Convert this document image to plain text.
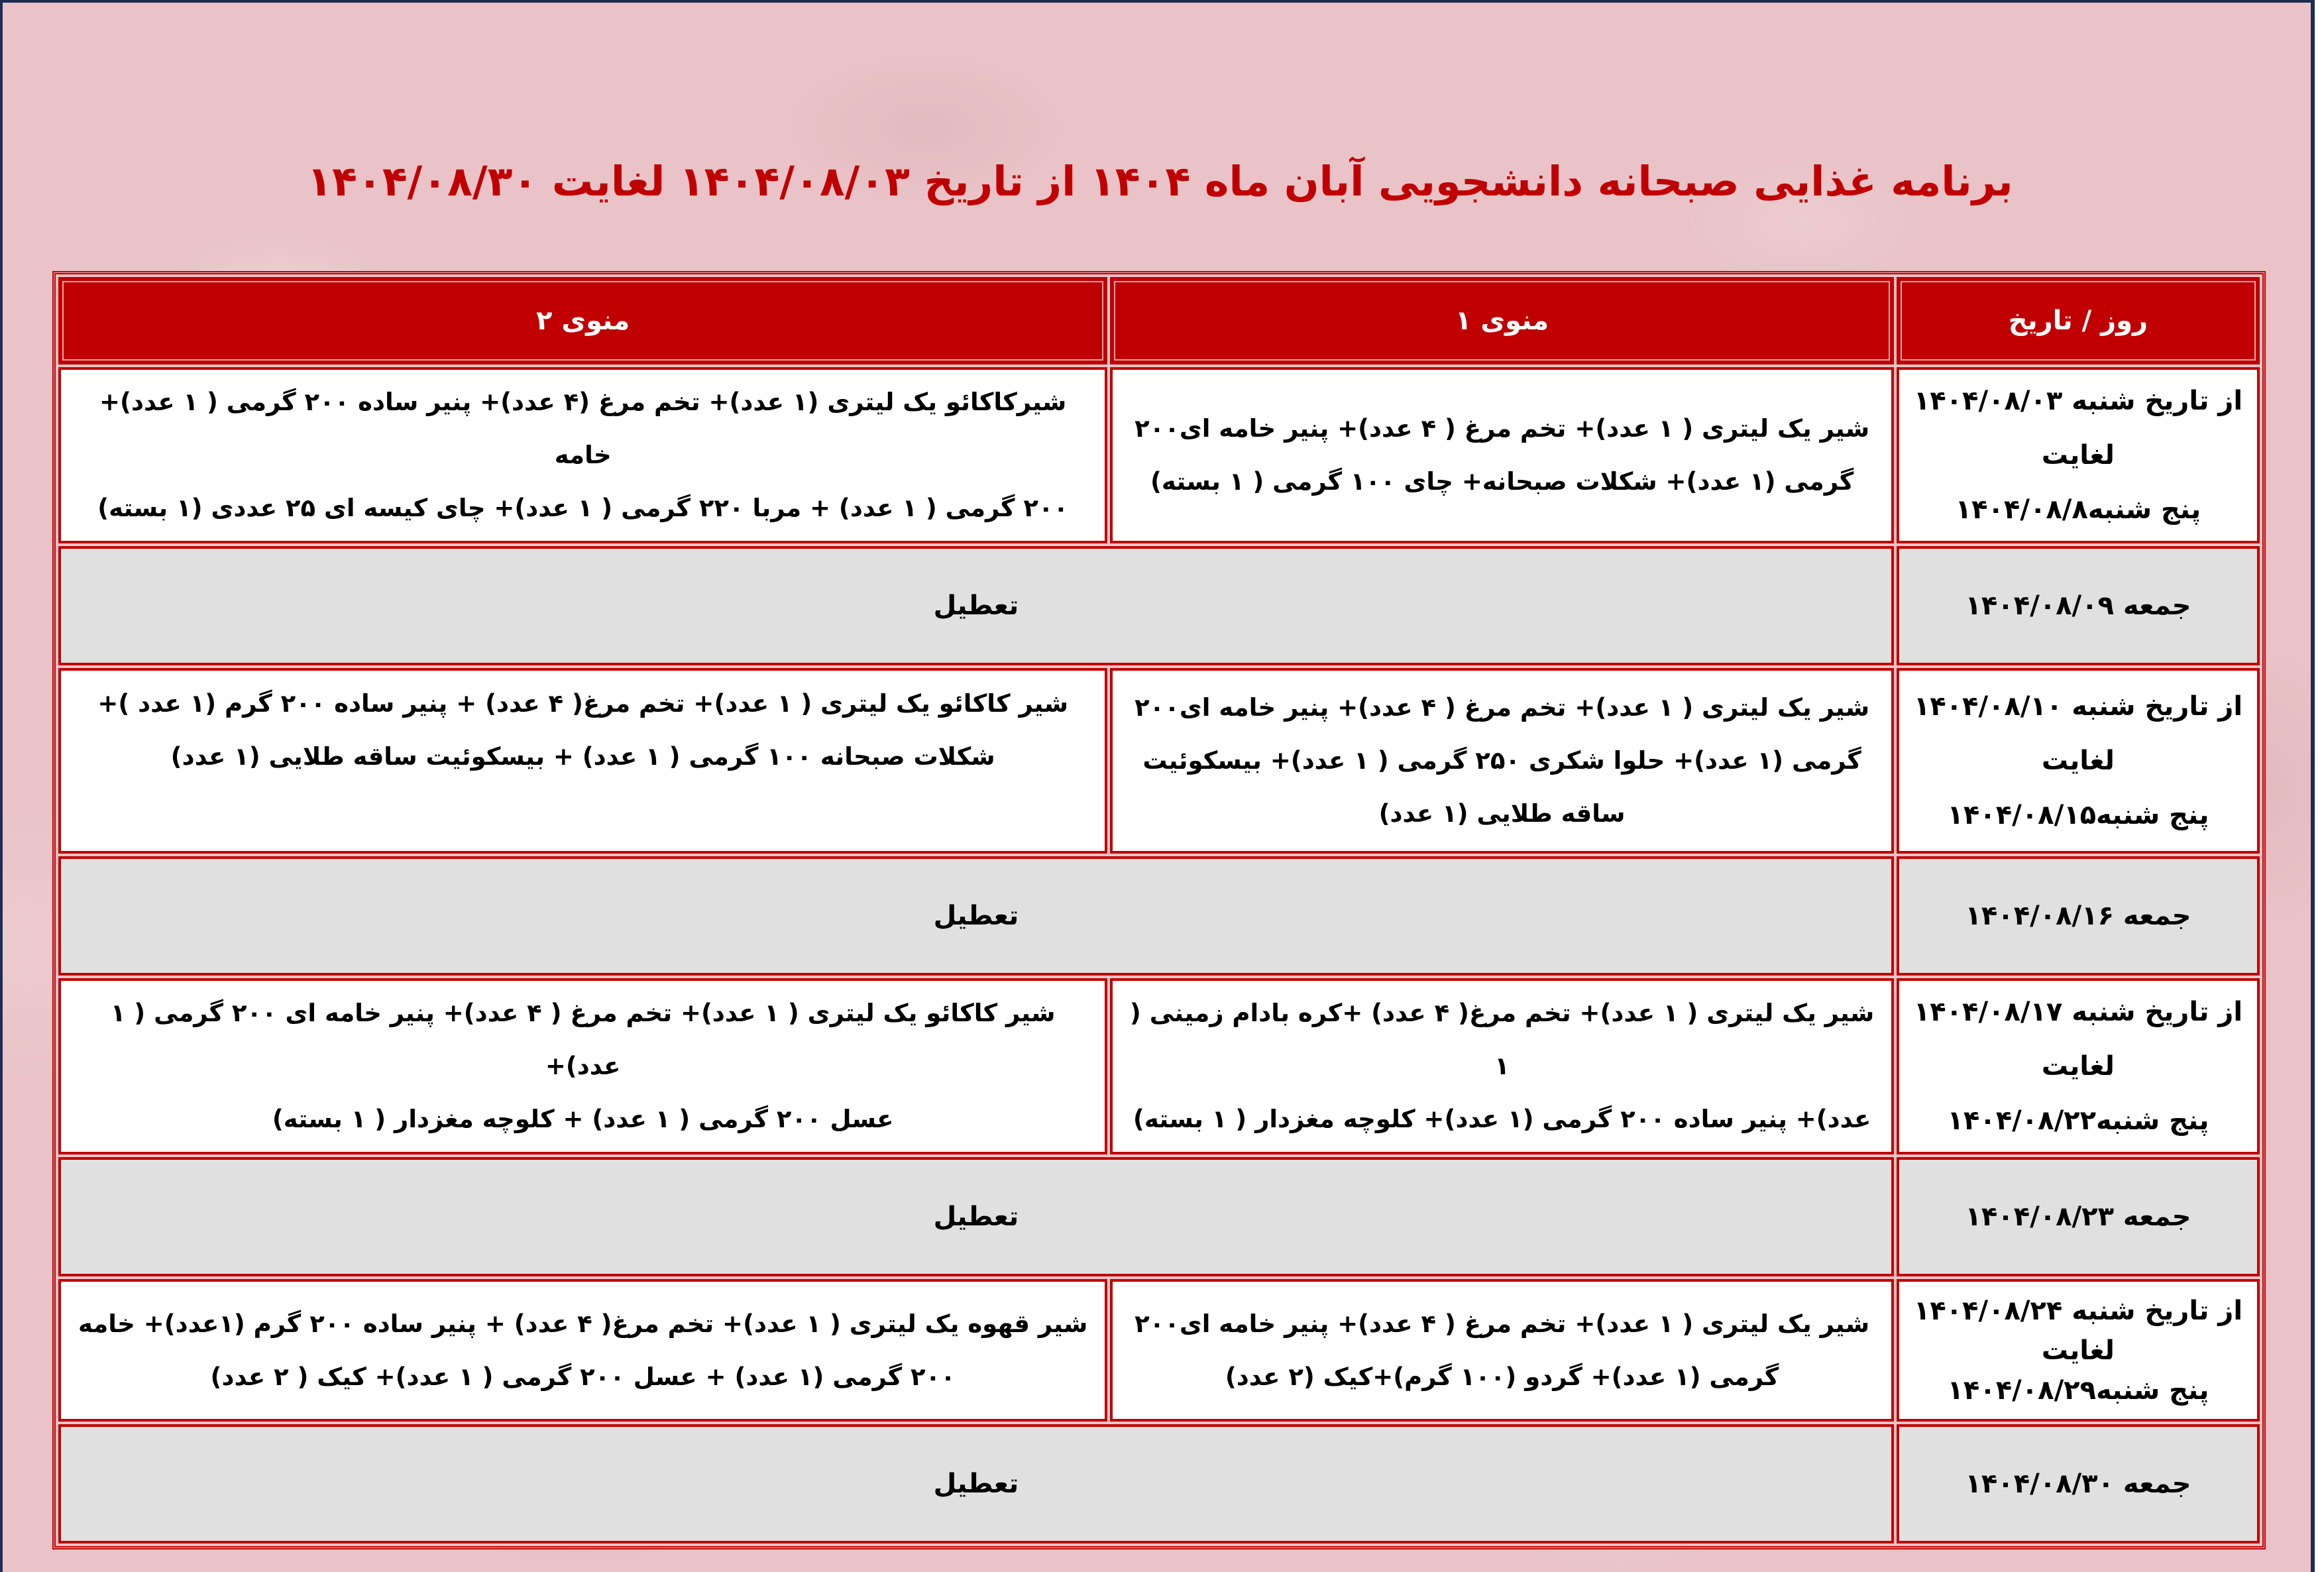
برنامه غذایی صبحانه دانشجویی آبان ماه ۱۴۰۴ از تاریخ ۱۴۰۴/۰۸/۰۳ لغایت ۱۴۰۴/۰۸/۳۰
روز / تاریخ	منوی ۱	منوی ۲

از تاریخ شنبه ۱۴۰۴/۰۸/۰۳
لغایت
پنج شنبه۱۴۰۴/۰۸/۸	شیر یک لیتری ( ۱ عدد)+ تخم مرغ ( ۴ عدد)+ پنیر خامه ای۲۰۰
گرمی (۱ عدد)+ شکلات صبحانه+ چای ۱۰۰ گرمی ( ۱ بسته)	شیرکاکائو یک لیتری (۱ عدد)+ تخم مرغ (۴ عدد)+ پنیر ساده ۲۰۰ گرمی ( ۱ عدد)+ خامه
۲۰۰ گرمی ( ۱ عدد) + مربا ۲۲۰ گرمی ( ۱ عدد)+ چای کیسه ای ۲۵ عددی (۱ بسته)

جمعه ۱۴۰۴/۰۸/۰۹	تعطیل	

از تاریخ شنبه ۱۴۰۴/۰۸/۱۰
لغایت
پنج شنبه۱۴۰۴/۰۸/۱۵	شیر یک لیتری ( ۱ عدد)+ تخم مرغ ( ۴ عدد)+ پنیر خامه ای۲۰۰
گرمی (۱ عدد)+ حلوا شکری ۲۵۰ گرمی ( ۱ عدد)+ بیسکوئیت
ساقه طلایی (۱ عدد)	شیر کاکائو یک لیتری ( ۱ عدد)+ تخم مرغ( ۴ عدد) + پنیر ساده ۲۰۰ گرم (۱ عدد )+
شکلات صبحانه ۱۰۰ گرمی ( ۱ عدد) + بیسکوئیت ساقه طلایی (۱ عدد)

جمعه ۱۴۰۴/۰۸/۱۶	تعطیل	

از تاریخ شنبه ۱۴۰۴/۰۸/۱۷
لغایت
پنج شنبه۱۴۰۴/۰۸/۲۲	شیر یک لیتری ( ۱ عدد)+ تخم مرغ( ۴ عدد) +کره بادام زمینی ( ۱
عدد)+ پنیر ساده ۲۰۰ گرمی (۱ عدد)+ کلوچه مغزدار ( ۱ بسته)	شیر کاکائو یک لیتری ( ۱ عدد)+ تخم مرغ ( ۴ عدد)+ پنیر خامه ای ۲۰۰ گرمی ( ۱ عدد)+
عسل ۲۰۰ گرمی ( ۱ عدد) + کلوچه مغزدار ( ۱ بسته)

جمعه ۱۴۰۴/۰۸/۲۳	تعطیل	

از تاریخ شنبه ۱۴۰۴/۰۸/۲۴
لغایت
پنج شنبه۱۴۰۴/۰۸/۲۹	شیر یک لیتری ( ۱ عدد)+ تخم مرغ ( ۴ عدد)+ پنیر خامه ای۲۰۰
گرمی (۱ عدد)+ گردو (۱۰۰ گرم)+کیک (۲ عدد)	شیر قهوه یک لیتری ( ۱ عدد)+ تخم مرغ( ۴ عدد) + پنیر ساده ۲۰۰ گرم (۱عدد)+ خامه
۲۰۰ گرمی (۱ عدد) + عسل ۲۰۰ گرمی ( ۱ عدد)+ کیک ( ۲ عدد)

جمعه ۱۴۰۴/۰۸/۳۰	تعطیل	
